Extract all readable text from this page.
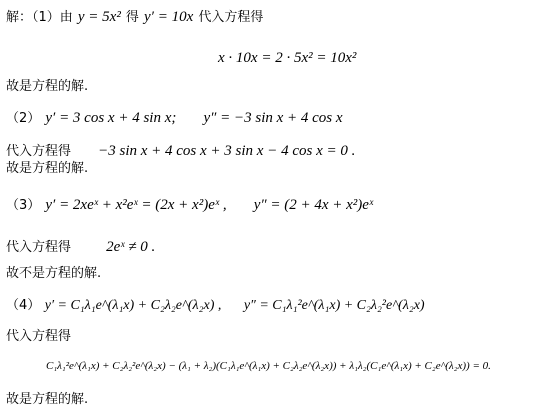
解：（1）由 y = 5x² 得 y′ = 10x 代入方程得
x · 10x = 2 · 5x² = 10x²
故是方程的解.
（2） y′ = 3 cos x + 4 sin x; y″ = −3 sin x + 4 cos x
代入方程得 −3 sin x + 4 cos x + 3 sin x − 4 cos x = 0 .
故是方程的解.
（3） y′ = 2xeˣ + x²eˣ = (2x + x²)eˣ , y″ = (2 + 4x + x²)eˣ
代入方程得 2eˣ ≠ 0 .
故不是方程的解.
（4） y′ = C₁λ₁e^(λ₁x) + C₂λ₂e^(λ₂x) , y″ = C₁λ₁²e^(λ₁x) + C₂λ₂²e^(λ₂x)
代入方程得
C₁λ₁²e^(λ₁x) + C₂λ₂²e^(λ₂x) − (λ₁ + λ₂)(C₁λ₁e^(λ₁x) + C₂λ₂e^(λ₂x)) + λ₁λ₂(C₁e^(λ₁x) + C₂e^(λ₂x)) = 0.
故是方程的解.
